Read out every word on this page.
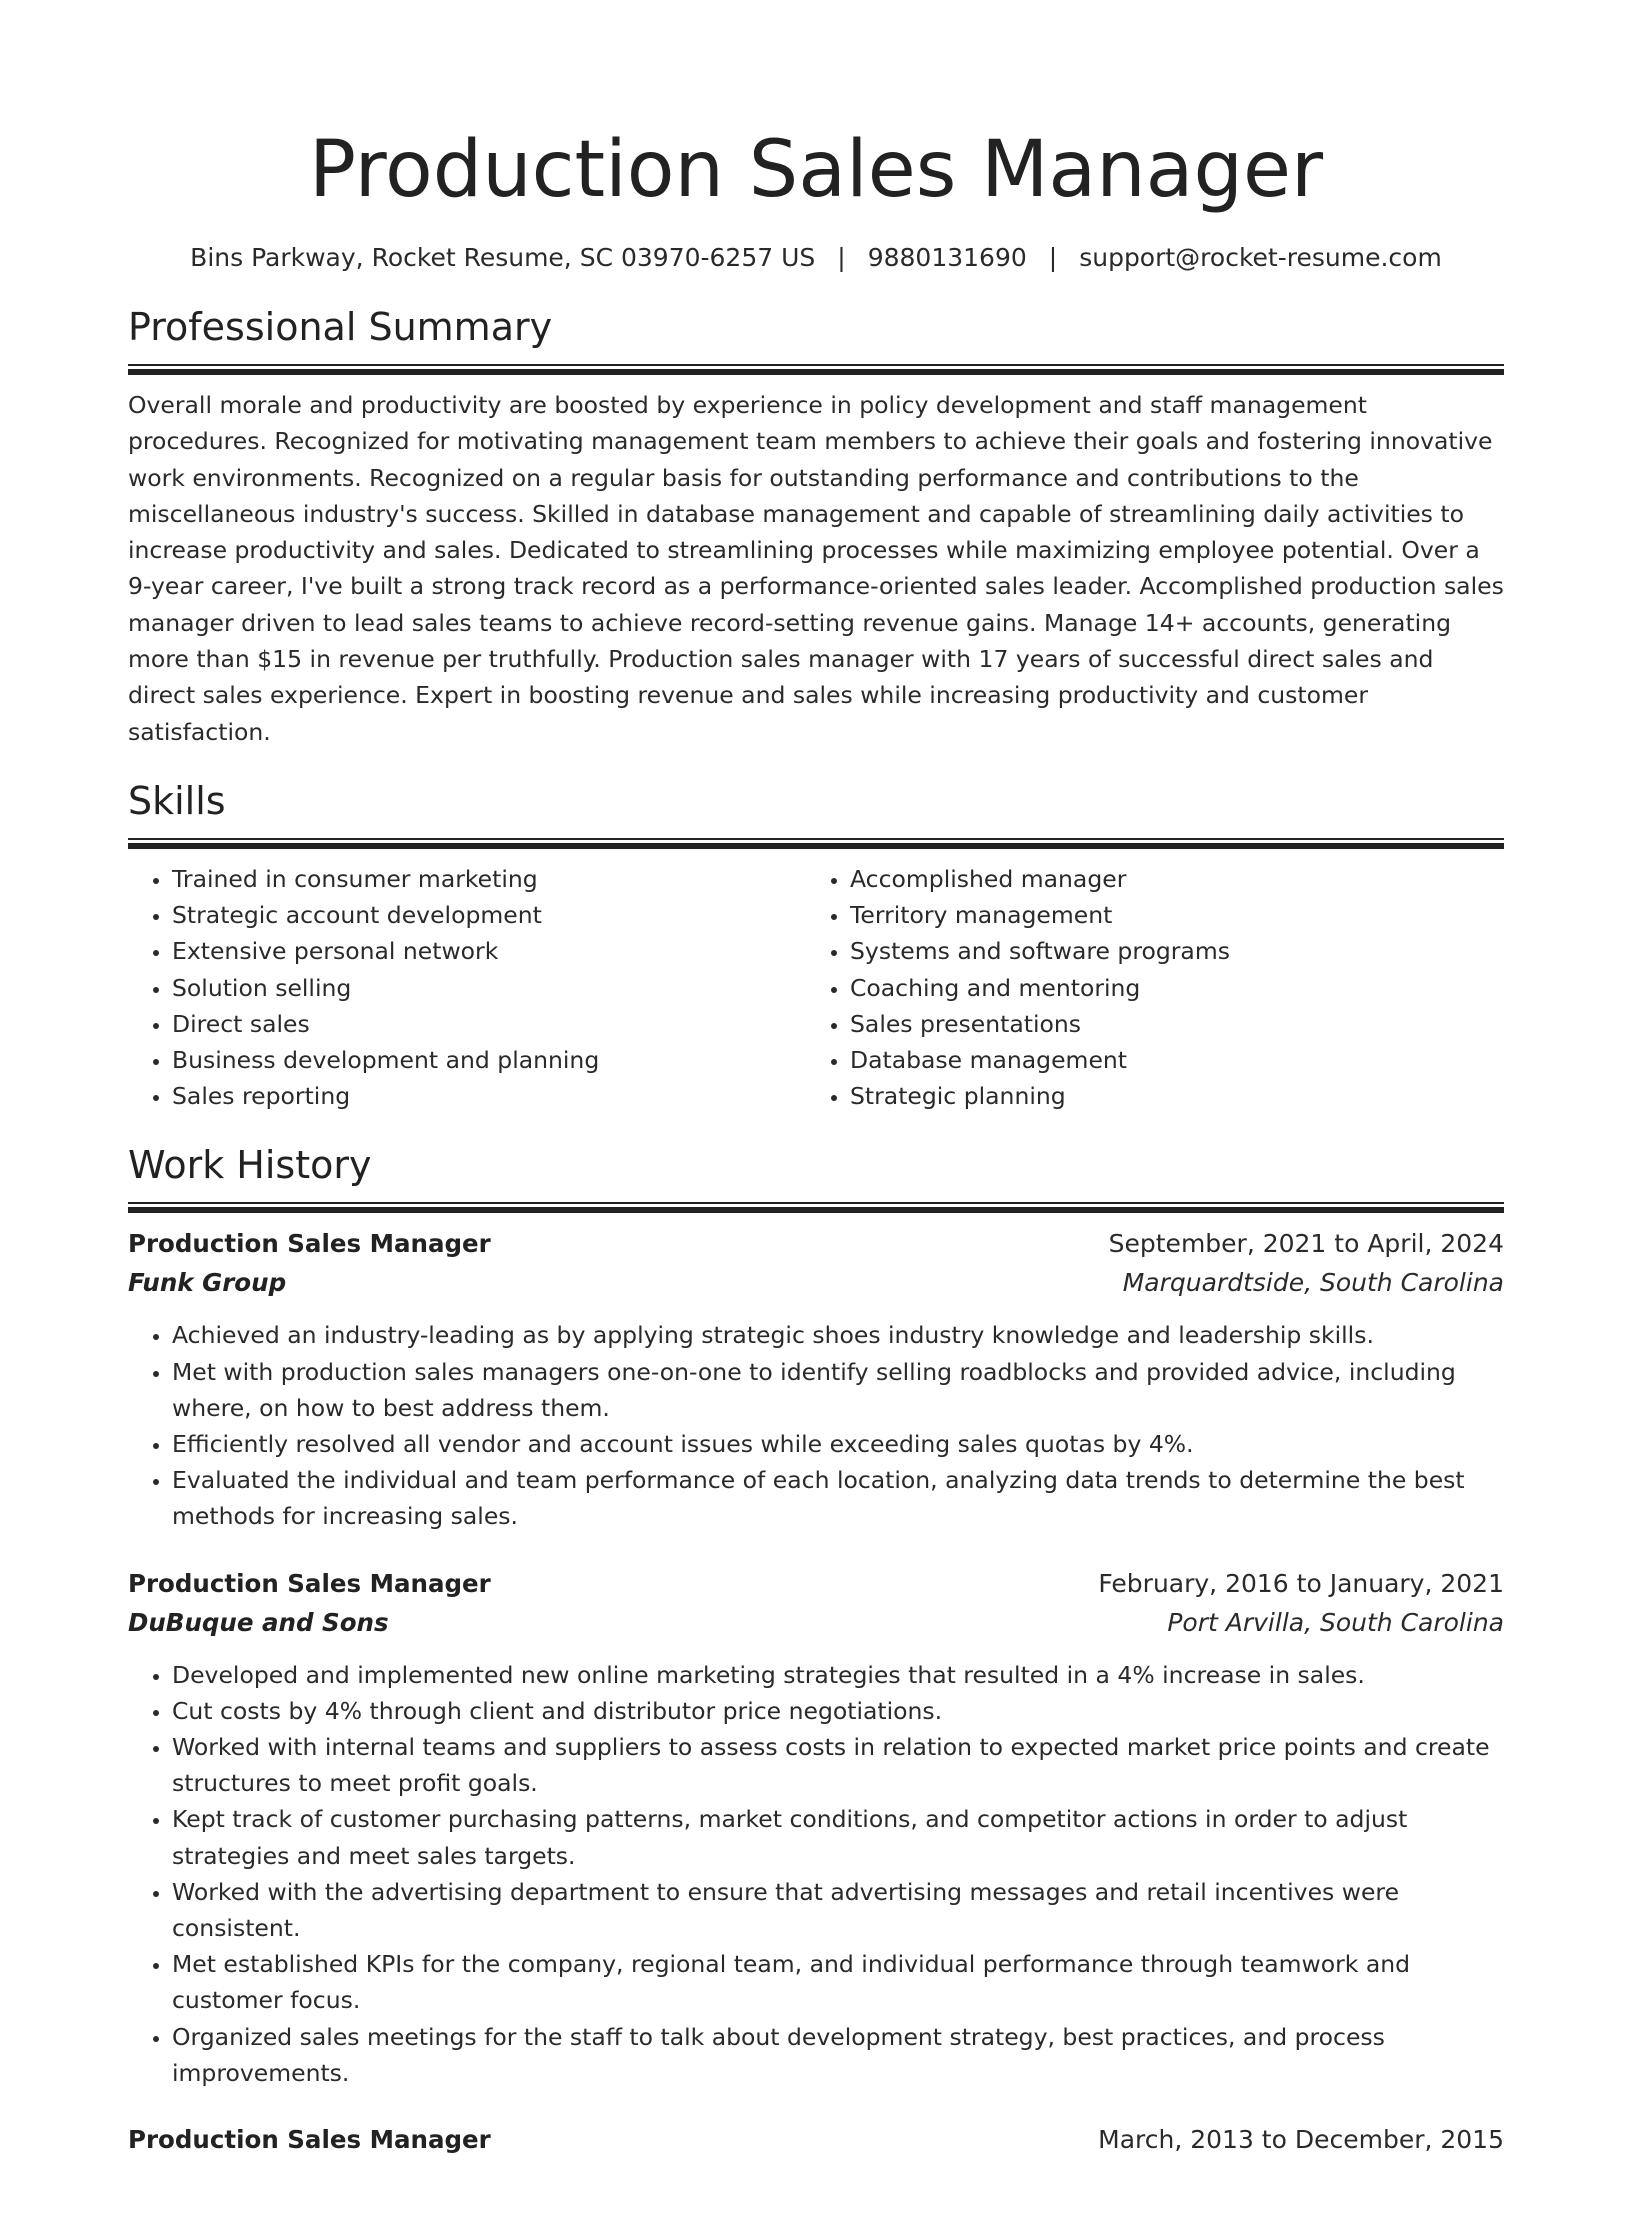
Production Sales Manager
Bins Parkway, Rocket Resume, SC 03970-6257 US | 9880131690 | support@rocket-resume.com
Professional Summary

Overall morale and productivity are boosted by experience in policy development and staff management procedures. Recognized for motivating management team members to achieve their goals and fostering innovative work environments. Recognized on a regular basis for outstanding performance and contributions to the miscellaneous industry's success. Skilled in database management and capable of streamlining daily activities to increase productivity and sales. Dedicated to streamlining processes while maximizing employee potential. Over a 9-year career, I've built a strong track record as a performance-oriented sales leader. Accomplished production sales manager driven to lead sales teams to achieve record-setting revenue gains. Manage 14+ accounts, generating more than $15 in revenue per truthfully. Production sales manager with 17 years of successful direct sales and direct sales experience. Expert in boosting revenue and sales while increasing productivity and customer satisfaction.

Skills
• Trained in consumer marketing
• Strategic account development
• Extensive personal network
• Solution selling
• Direct sales
• Business development and planning
• Sales reporting
• Accomplished manager
• Territory management
• Systems and software programs
• Coaching and mentoring
• Sales presentations
• Database management
• Strategic planning
Work History
Production Sales Manager	September, 2021 to April, 2024
Funk Group	Marquardtside, South Carolina
• Achieved an industry-leading as by applying strategic shoes industry knowledge and leadership skills.
• Met with production sales managers one-on-one to identify selling roadblocks and provided advice, including where, on how to best address them.
• Efficiently resolved all vendor and account issues while exceeding sales quotas by 4%.
• Evaluated the individual and team performance of each location, analyzing data trends to determine the best methods for increasing sales.
Production Sales Manager	February, 2016 to January, 2021
DuBuque and Sons	Port Arvilla, South Carolina
• Developed and implemented new online marketing strategies that resulted in a 4% increase in sales.
• Cut costs by 4% through client and distributor price negotiations.
• Worked with internal teams and suppliers to assess costs in relation to expected market price points and create structures to meet profit goals.
• Kept track of customer purchasing patterns, market conditions, and competitor actions in order to adjust strategies and meet sales targets.
• Worked with the advertising department to ensure that advertising messages and retail incentives were consistent.
• Met established KPIs for the company, regional team, and individual performance through teamwork and customer focus.
• Organized sales meetings for the staff to talk about development strategy, best practices, and process improvements.
Production Sales Manager	March, 2013 to December, 2015
